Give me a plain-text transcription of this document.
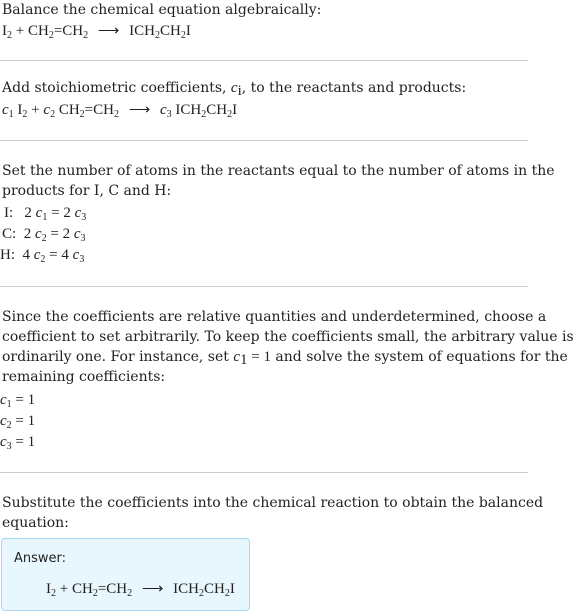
Balance the chemical equation algebraically:
$I_2 + CH_2=CH_2$ ⟶ $ICH_2CH_2I$
Add stoichiometric coefficients, $c_i$, to the reactants and products:
$c_1$ $I_2 + c_2$ $CH_2=CH_2$ ⟶ $c_3$ $ICH_2CH_2I$
Set the number of atoms in the reactants equal to the number of atoms in the
products for I, C and H:
I: 2 $c_1 = 2$ $c_3$
C: 2 $c_2 = 2$ $c_3$
H: 4 $c_2 = 4$ $c_3$
Since the coefficients are relative quantities and underdetermined, choose a
coefficient to set arbitrarily. To keep the coefficients small, the arbitrary value is
ordinarily one. For instance, set $c_1 = 1$ and solve the system of equations for the
remaining coefficients:
$c_1 = 1$
$c_2 = 1$
$c_3 = 1$
Substitute the coefficients into the chemical reaction to obtain the balanced
equation:
Answer:
$I_2 + CH_2=CH_2$ ⟶ $ICH_2CH_2I$
